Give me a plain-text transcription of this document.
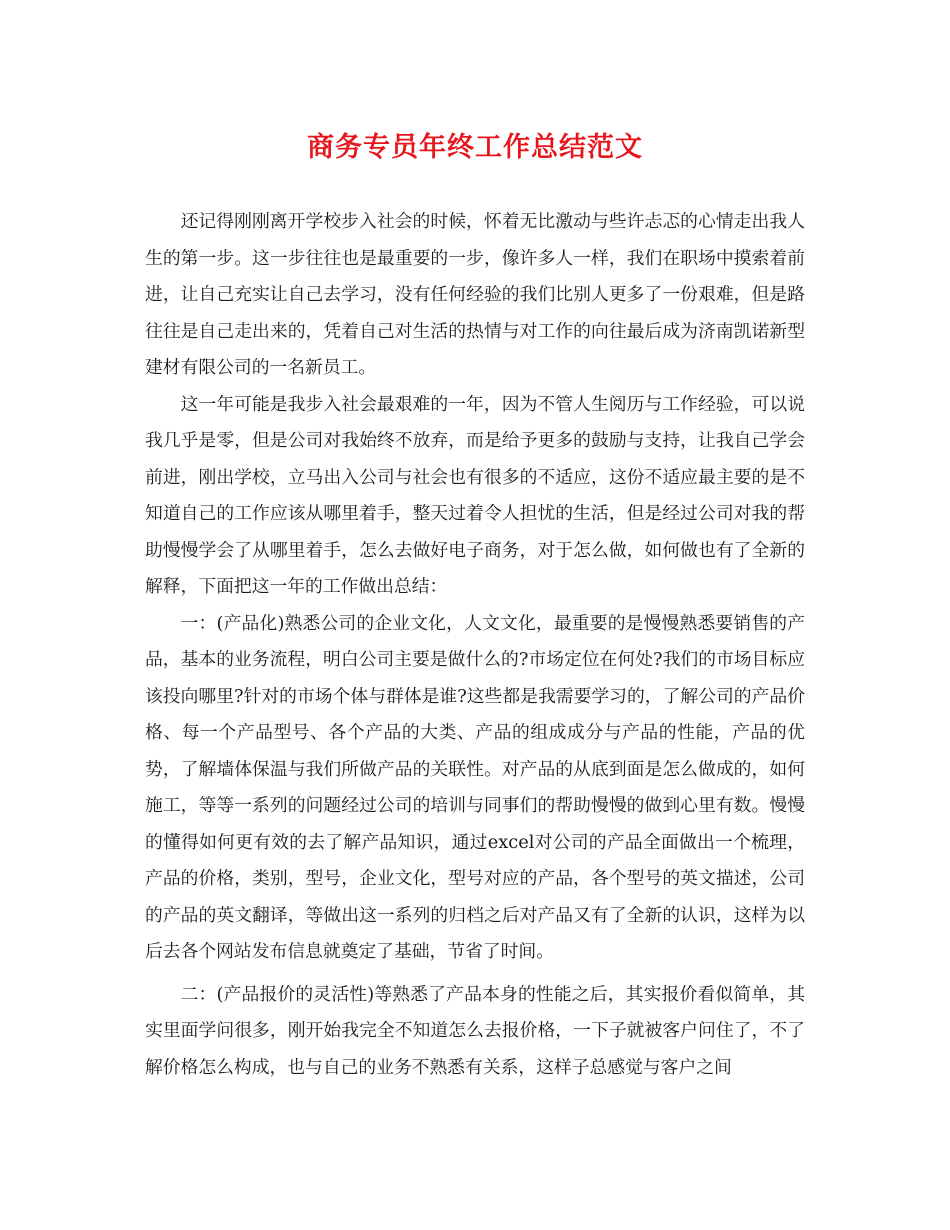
商务专员年终工作总结范文

还记得刚刚离开学校步入社会的时候，怀着无比激动与些许忐忑的心情走出我人生的第一步。这一步往往也是最重要的一步，像许多人一样，我们在职场中摸索着前进，让自己充实让自己去学习，没有任何经验的我们比别人更多了一份艰难，但是路往往是自己走出来的，凭着自己对生活的热情与对工作的向往最后成为济南凯诺新型建材有限公司的一名新员工。

这一年可能是我步入社会最艰难的一年，因为不管人生阅历与工作经验，可以说我几乎是零，但是公司对我始终不放弃，而是给予更多的鼓励与支持，让我自己学会前进，刚出学校，立马出入公司与社会也有很多的不适应，这份不适应最主要的是不知道自己的工作应该从哪里着手，整天过着令人担忧的生活，但是经过公司对我的帮助慢慢学会了从哪里着手，怎么去做好电子商务，对于怎么做，如何做也有了全新的解释，下面把这一年的工作做出总结：

一：(产品化)熟悉公司的企业文化，人文文化，最重要的是慢慢熟悉要销售的产品，基本的业务流程，明白公司主要是做什么的?市场定位在何处?我们的市场目标应该投向哪里?针对的市场个体与群体是谁?这些都是我需要学习的，了解公司的产品价格、每一个产品型号、各个产品的大类、产品的组成成分与产品的性能，产品的优势，了解墙体保温与我们所做产品的关联性。对产品的从底到面是怎么做成的，如何施工，等等一系列的问题经过公司的培训与同事们的帮助慢慢的做到心里有数。慢慢的懂得如何更有效的去了解产品知识，通过excel对公司的产品全面做出一个梳理，产品的价格，类别，型号，企业文化，型号对应的产品，各个型号的英文描述，公司的产品的英文翻译，等做出这一系列的归档之后对产品又有了全新的认识，这样为以后去各个网站发布信息就奠定了基础，节省了时间。

二：(产品报价的灵活性)等熟悉了产品本身的性能之后，其实报价看似简单，其实里面学问很多，刚开始我完全不知道怎么去报价格，一下子就被客户问住了，不了解价格怎么构成，也与自己的业务不熟悉有关系，这样子总感觉与客户之间
